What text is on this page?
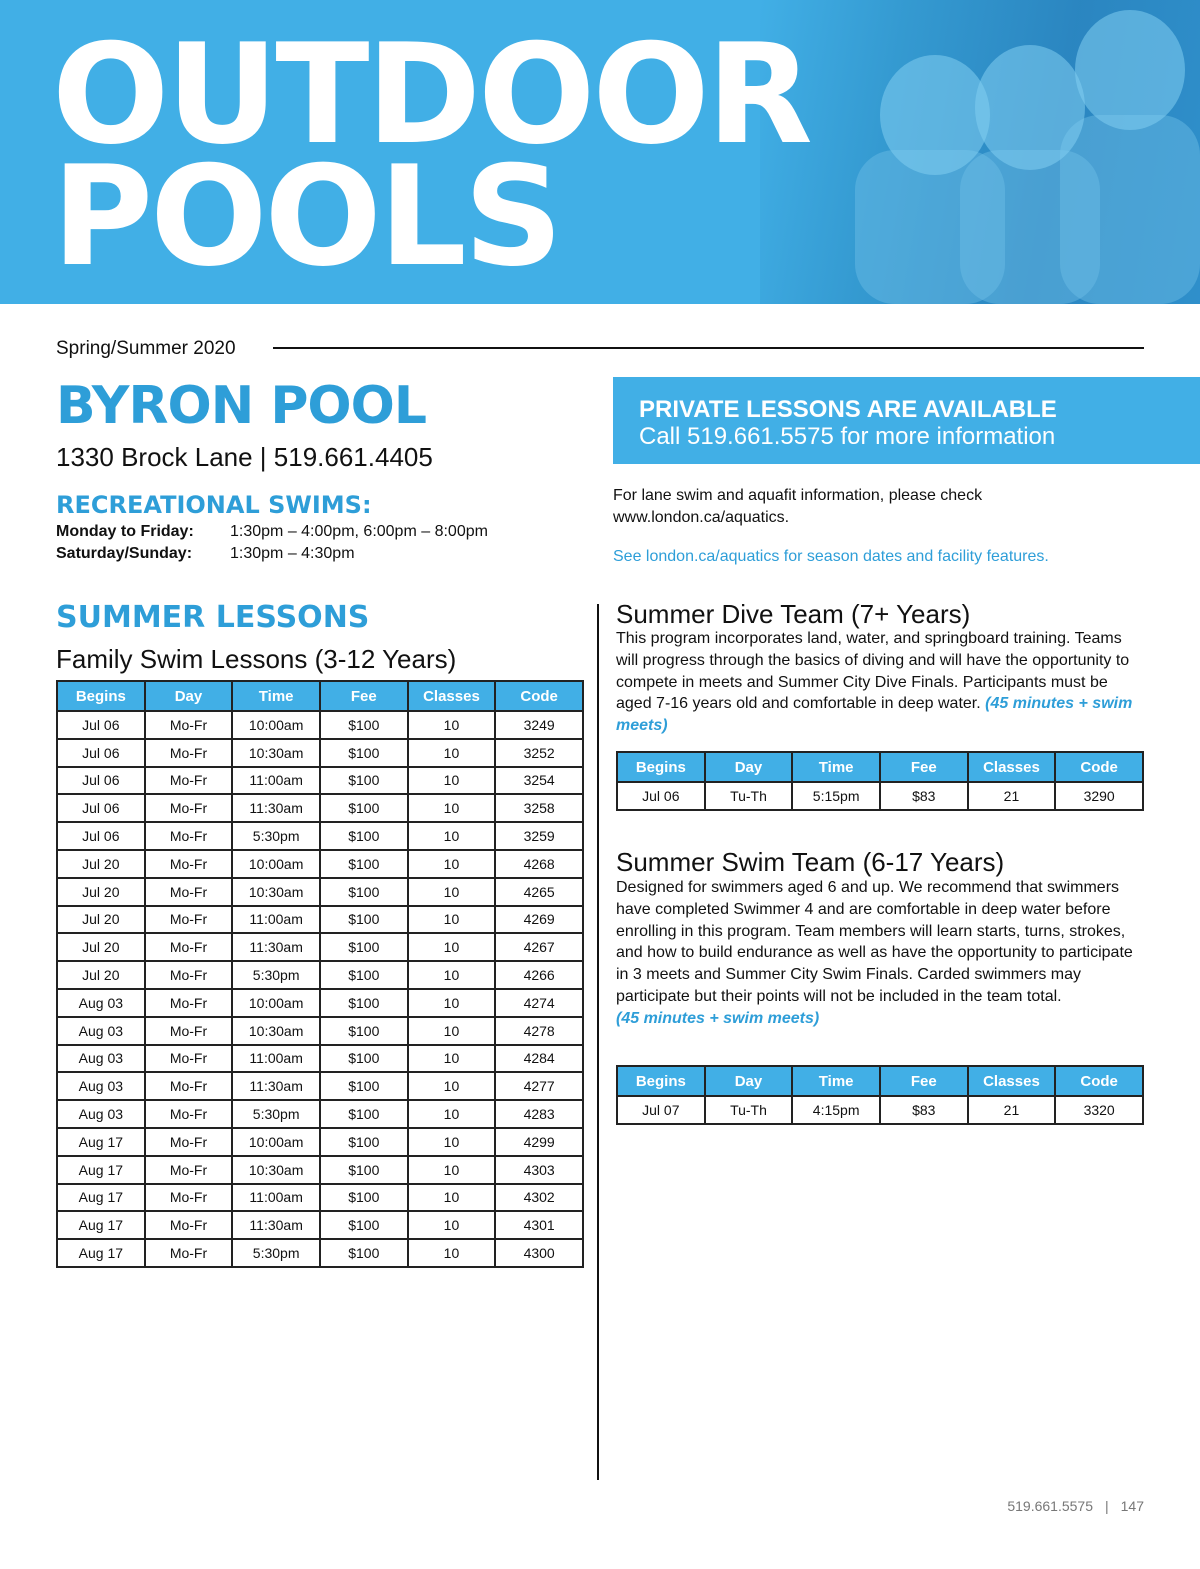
OUTDOOR
POOLS
Spring/Summer 2020
BYRON POOL
1330 Brock Lane | 519.661.4405
RECREATIONAL SWIMS:
Monday to Friday: 1:30pm – 4:00pm, 6:00pm – 8:00pm
Saturday/Sunday: 1:30pm – 4:30pm
PRIVATE LESSONS ARE AVAILABLE
Call 519.661.5575 for more information
For lane swim and aquafit information, please check www.london.ca/aquatics.
See london.ca/aquatics for season dates and facility features.
SUMMER LESSONS
Family Swim Lessons (3-12 Years)
Begins	Day	Time	Fee	Classes	Code
Jul 06	Mo-Fr	10:00am	$100	10	3249
Jul 06	Mo-Fr	10:30am	$100	10	3252
Jul 06	Mo-Fr	11:00am	$100	10	3254
Jul 06	Mo-Fr	11:30am	$100	10	3258
Jul 06	Mo-Fr	5:30pm	$100	10	3259
Jul 20	Mo-Fr	10:00am	$100	10	4268
Jul 20	Mo-Fr	10:30am	$100	10	4265
Jul 20	Mo-Fr	11:00am	$100	10	4269
Jul 20	Mo-Fr	11:30am	$100	10	4267
Jul 20	Mo-Fr	5:30pm	$100	10	4266
Aug 03	Mo-Fr	10:00am	$100	10	4274
Aug 03	Mo-Fr	10:30am	$100	10	4278
Aug 03	Mo-Fr	11:00am	$100	10	4284
Aug 03	Mo-Fr	11:30am	$100	10	4277
Aug 03	Mo-Fr	5:30pm	$100	10	4283
Aug 17	Mo-Fr	10:00am	$100	10	4299
Aug 17	Mo-Fr	10:30am	$100	10	4303
Aug 17	Mo-Fr	11:00am	$100	10	4302
Aug 17	Mo-Fr	11:30am	$100	10	4301
Aug 17	Mo-Fr	5:30pm	$100	10	4300
Summer Dive Team (7+ Years)
This program incorporates land, water, and springboard training. Teams will progress through the basics of diving and will have the opportunity to compete in meets and Summer City Dive Finals. Participants must be aged 7-16 years old and comfortable in deep water. (45 minutes + swim meets)
Begins	Day	Time	Fee	Classes	Code
Jul 06	Tu-Th	5:15pm	$83	21	3290
Summer Swim Team (6-17 Years)
Designed for swimmers aged 6 and up. We recommend that swimmers have completed Swimmer 4 and are comfortable in deep water before enrolling in this program. Team members will learn starts, turns, strokes, and how to build endurance as well as have the opportunity to participate in 3 meets and Summer City Swim Finals. Carded swimmers may participate but their points will not be included in the team total.
(45 minutes + swim meets)
Begins	Day	Time	Fee	Classes	Code
Jul 07	Tu-Th	4:15pm	$83	21	3320
519.661.5575 | 147
